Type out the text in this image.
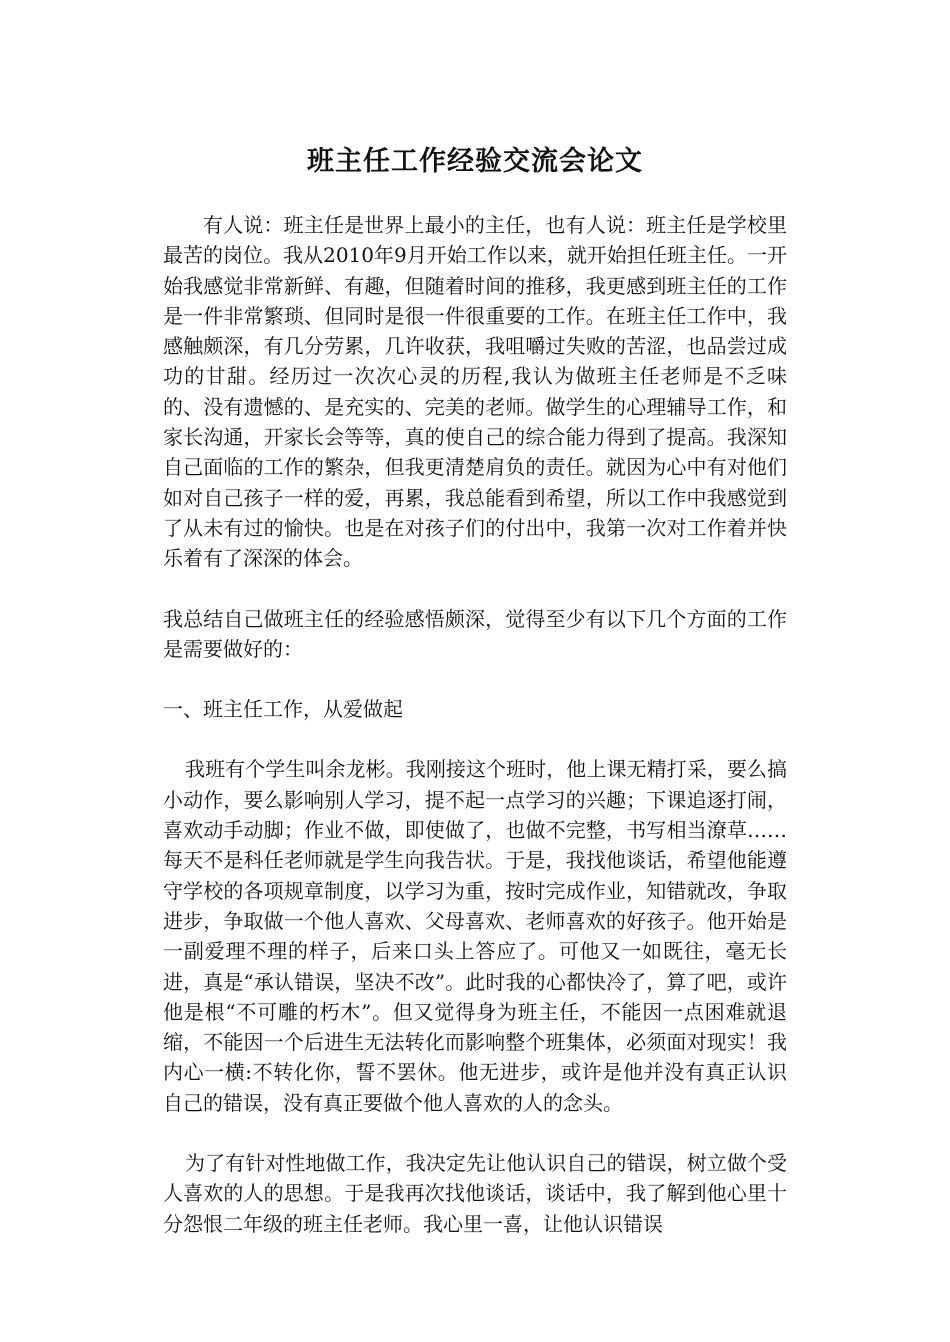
班主任工作经验交流会论文

有人说：班主任是世界上最小的主任，也有人说：班主任是学校里最苦的岗位。我从2010年9月开始工作以来，就开始担任班主任。一开始我感觉非常新鲜、有趣，但随着时间的推移，我更感到班主任的工作是一件非常繁琐、但同时是很一件很重要的工作。在班主任工作中，我感触颇深，有几分劳累，几许收获，我咀嚼过失败的苦涩，也品尝过成功的甘甜。经历过一次次心灵的历程,我认为做班主任老师是不乏味的、没有遗憾的、是充实的、完美的老师。做学生的心理辅导工作，和家长沟通，开家长会等等，真的使自己的综合能力得到了提高。我深知自己面临的工作的繁杂，但我更清楚肩负的责任。就因为心中有对他们如对自己孩子一样的爱，再累，我总能看到希望，所以工作中我感觉到了从未有过的愉快。也是在对孩子们的付出中，我第一次对工作着并快乐着有了深深的体会。

我总结自己做班主任的经验感悟颇深，觉得至少有以下几个方面的工作是需要做好的：

一、班主任工作，从爱做起

我班有个学生叫余龙彬。我刚接这个班时，他上课无精打采，要么搞小动作，要么影响别人学习，提不起一点学习的兴趣；下课追逐打闹，喜欢动手动脚；作业不做，即使做了，也做不完整，书写相当潦草……每天不是科任老师就是学生向我告状。于是，我找他谈话，希望他能遵守学校的各项规章制度，以学习为重，按时完成作业，知错就改，争取进步，争取做一个他人喜欢、父母喜欢、老师喜欢的好孩子。他开始是一副爱理不理的样子，后来口头上答应了。可他又一如既往，毫无长进，真是“承认错误，坚决不改”。此时我的心都快冷了，算了吧，或许他是根“不可雕的朽木”。但又觉得身为班主任，不能因一点困难就退缩，不能因一个后进生无法转化而影响整个班集体，必须面对现实！我内心一横:不转化你，誓不罢休。他无进步，或许是他并没有真正认识自己的错误，没有真正要做个他人喜欢的人的念头。

为了有针对性地做工作，我决定先让他认识自己的错误，树立做个受人喜欢的人的思想。于是我再次找他谈话，谈话中，我了解到他心里十分怨恨二年级的班主任老师。我心里一喜，让他认识错误
